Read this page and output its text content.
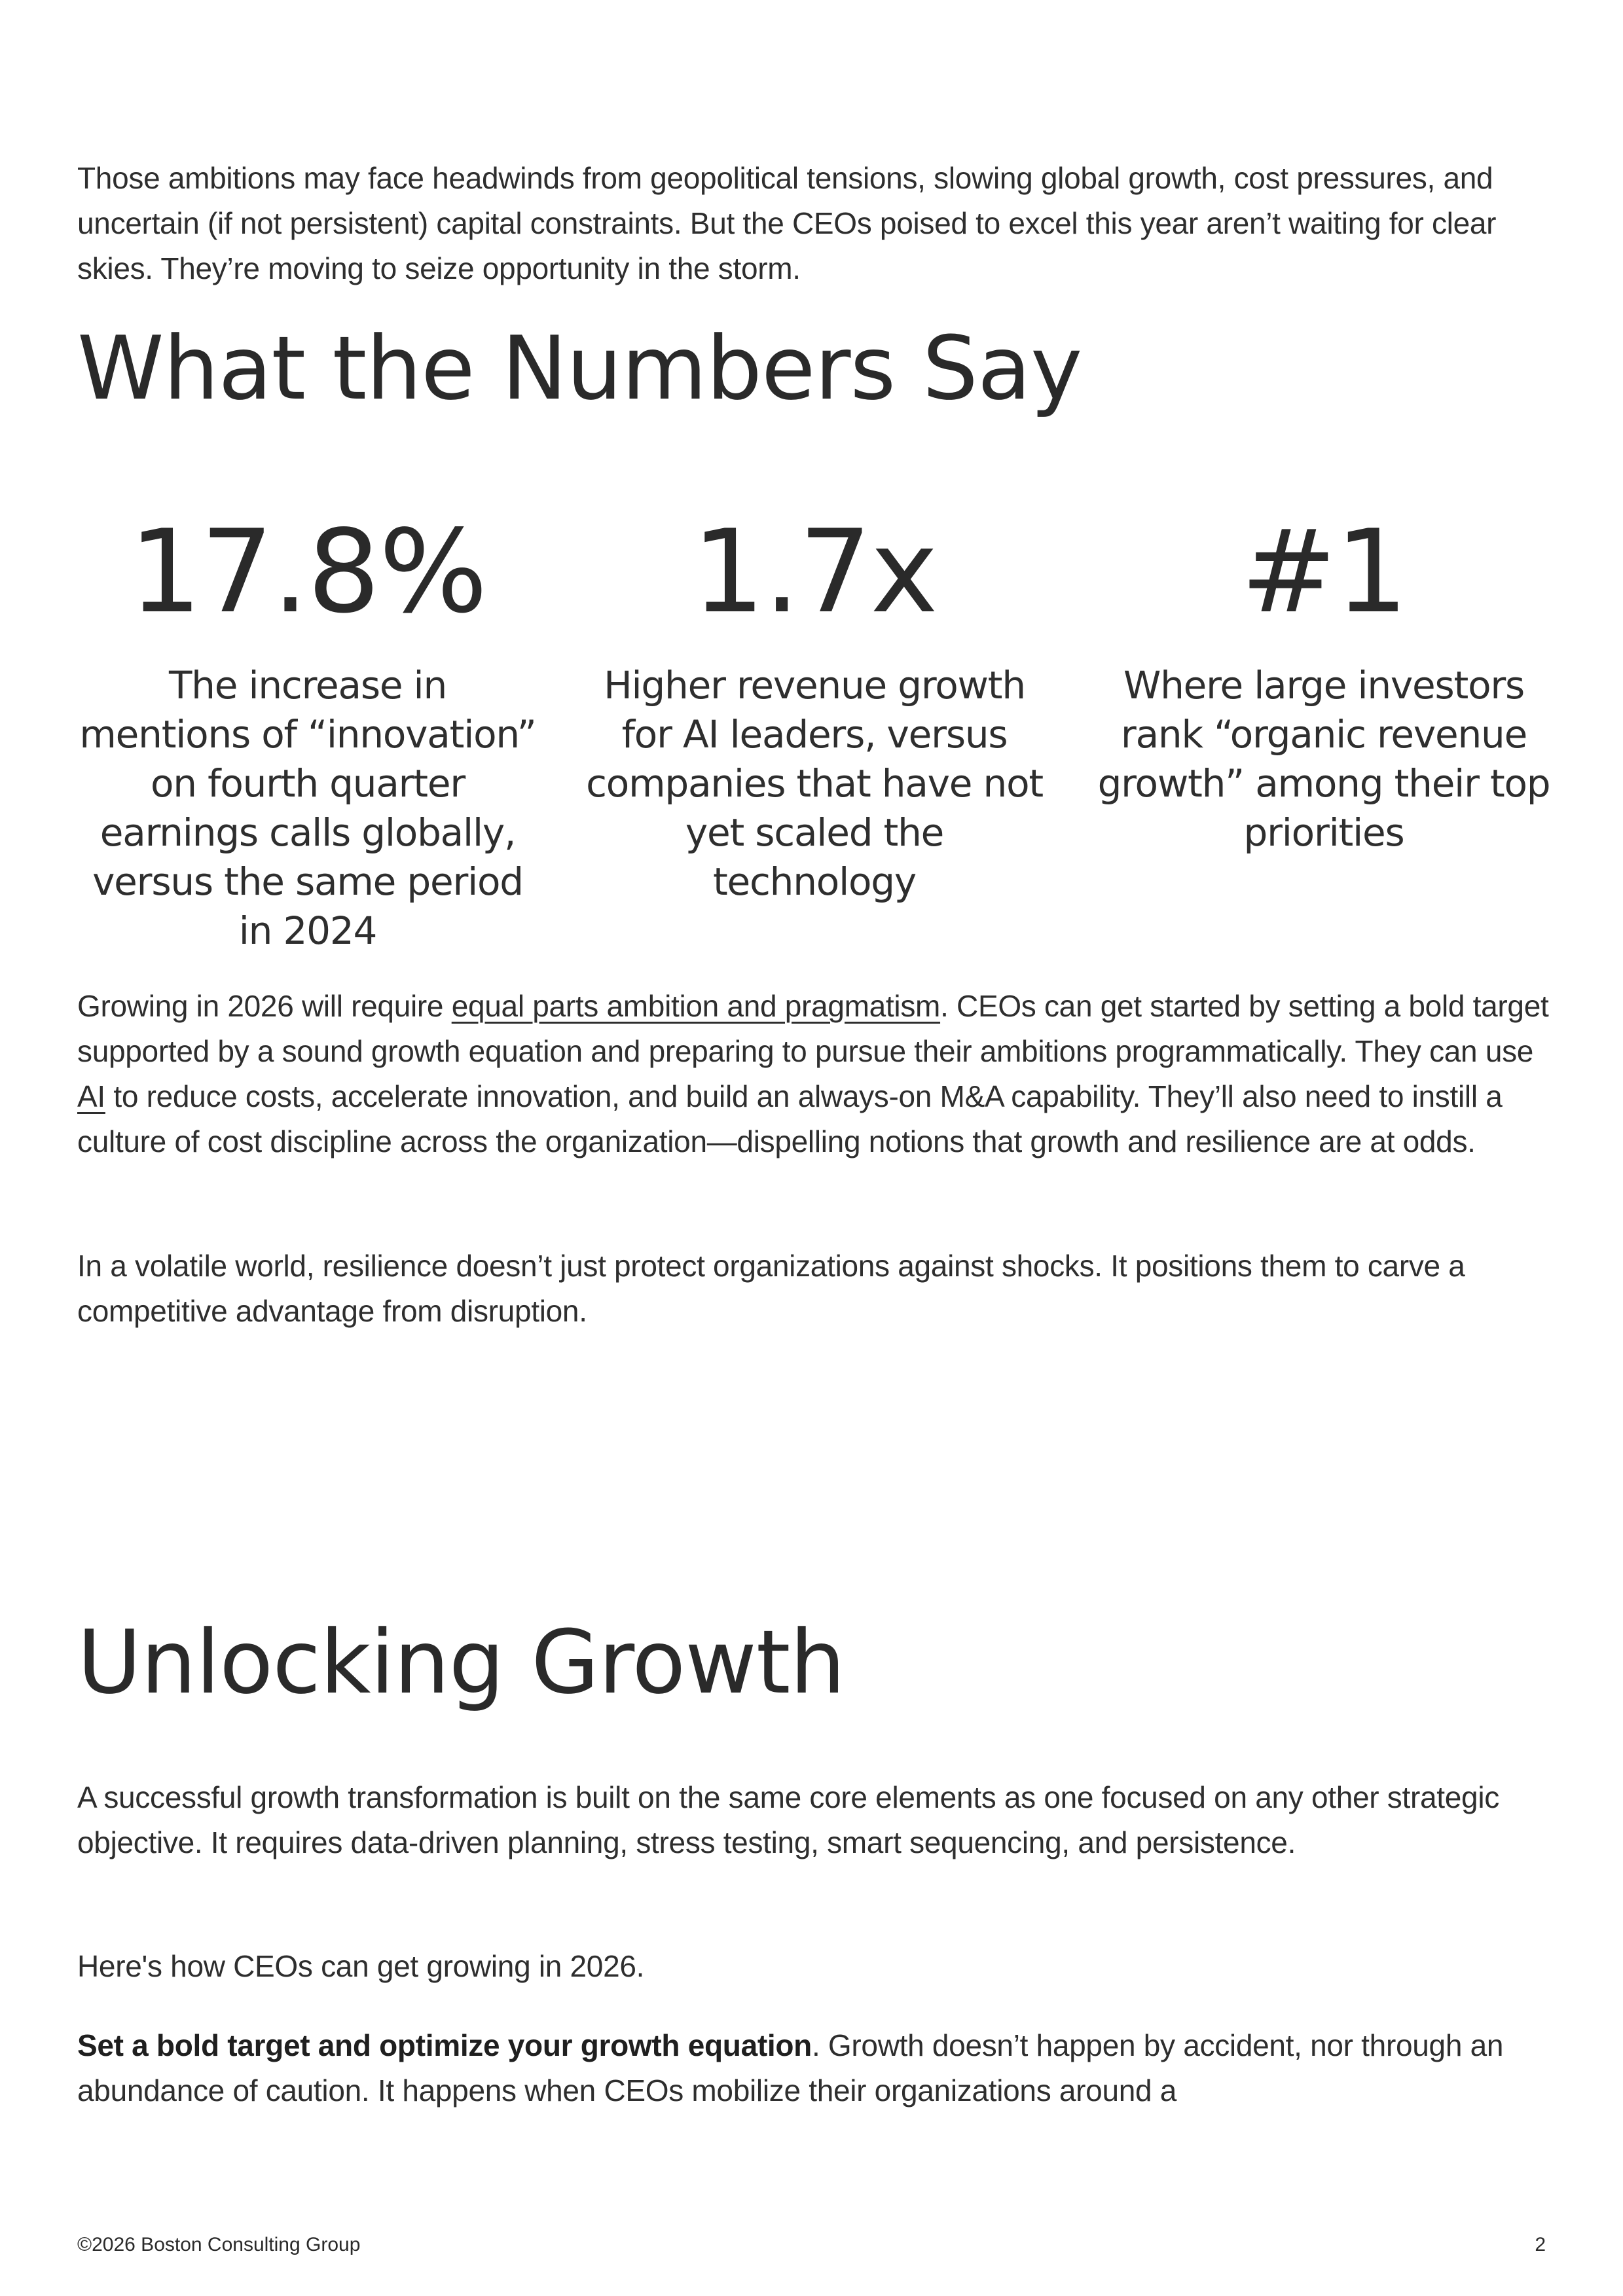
Those ambitions may face headwinds from geopolitical tensions, slowing global growth, cost pressures, and uncertain (if not persistent) capital constraints. But the CEOs poised to excel this year aren’t waiting for clear skies. They’re moving to seize opportunity in the storm.

What the Numbers Say

17.8%

The increase in mentions of “innovation” on fourth quarter earnings calls globally, versus the same period in 2024

1.7x

Higher revenue growth for AI leaders, versus companies that have not yet scaled the technology

#1

Where large investors rank “organic revenue growth” among their top priorities

Growing in 2026 will require equal parts ambition and pragmatism. CEOs can get started by setting a bold target supported by a sound growth equation and preparing to pursue their ambitions programmatically. They can use AI to reduce costs, accelerate innovation, and build an always-on M&A capability. They’ll also need to instill a culture of cost discipline across the organization—dispelling notions that growth and resilience are at odds.

In a volatile world, resilience doesn’t just protect organizations against shocks. It positions them to carve a competitive advantage from disruption.

Unlocking Growth

A successful growth transformation is built on the same core elements as one focused on any other strategic objective. It requires data-driven planning, stress testing, smart sequencing, and persistence.

Here's how CEOs can get growing in 2026.

Set a bold target and optimize your growth equation. Growth doesn’t happen by accident, nor through an abundance of caution. It happens when CEOs mobilize their organizations around a

©2026 Boston Consulting Group	2
